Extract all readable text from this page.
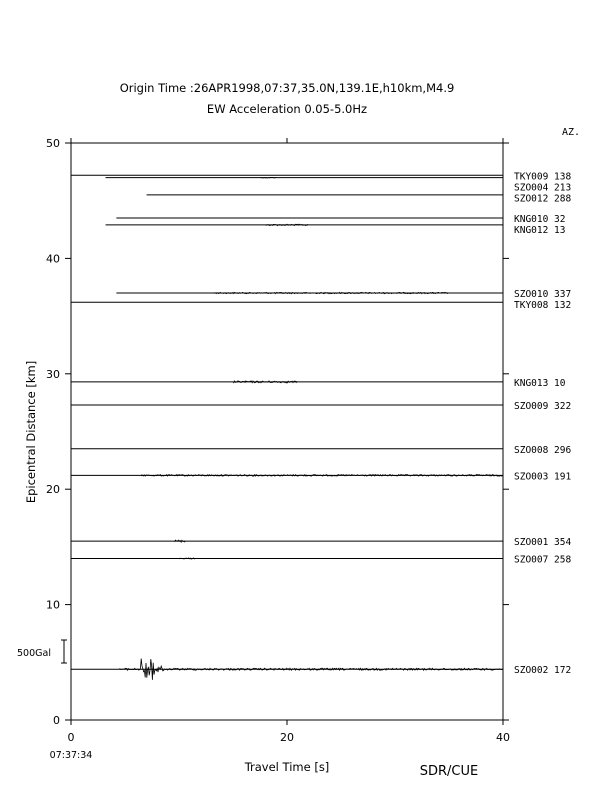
Origin Time :26APR1998,07:37,35.0N,139.1E,h10km,M4.9
EW Acceleration 0.05-5.0Hz
AZ.
0
10
20
30
40
50
0	20	40
TKY009 138
SZO004 213
SZO012 288
KNG010 32
KNG012 13
SZO010 337
TKY008 132
KNG013 10
SZO009 322
SZO008 296
SZO003 191
SZO001 354
SZO007 258
SZO002 172
Epicentral Distance [km]
Travel Time [s]
07:37:34
SDR/CUE
500Gal
